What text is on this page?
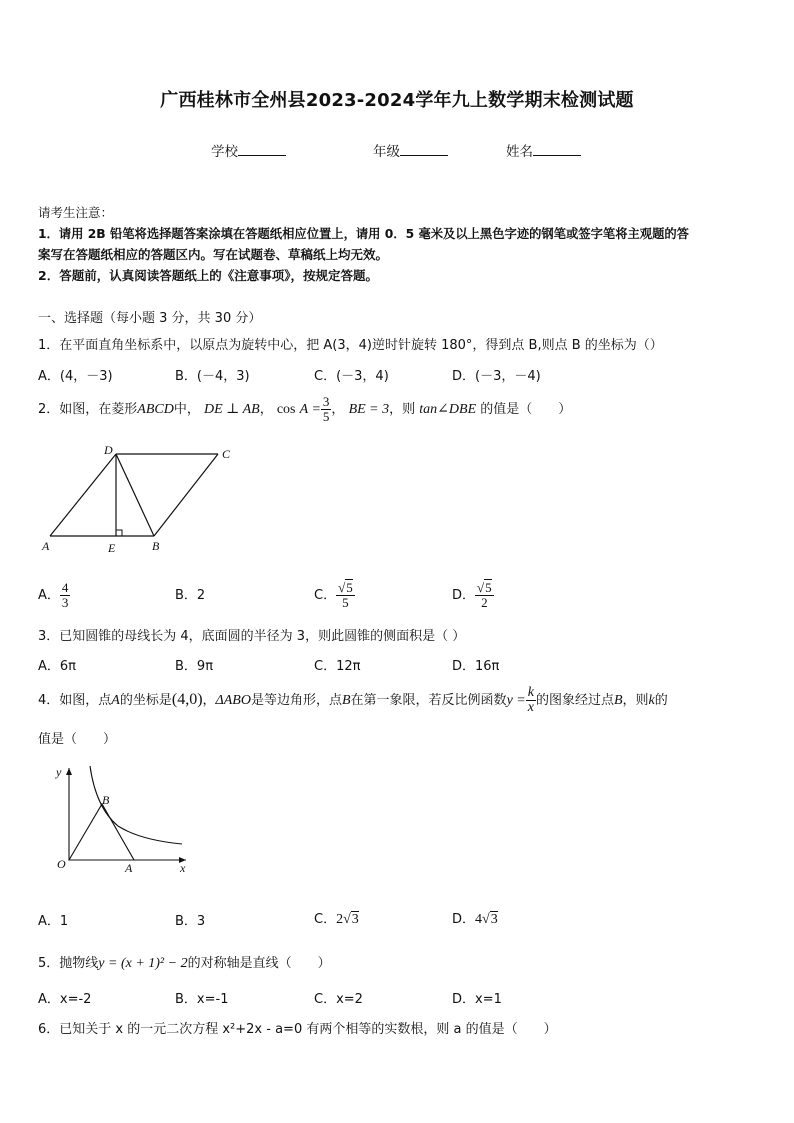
广西桂林市全州县2023-2024学年九上数学期末检测试题
学校	年级	姓名
请考生注意：
1．请用 2B 铅笔将选择题答案涂填在答题纸相应位置上，请用 0．5 毫米及以上黑色字迹的钢笔或签字笔将主观题的答
案写在答题纸相应的答题区内。写在试题卷、草稿纸上均无效。
2．答题前，认真阅读答题纸上的《注意事项》，按规定答题。
一、选择题（每小题 3 分，共 30 分）
1．在平面直角坐标系中，以原点为旋转中心，把 A(3，4)逆时针旋转 180°，得到点 B,则点 B 的坐标为（）
A．(4，－3)	B．(－4，3)	C．(－3，4)	D．(－3，－4)
2．如图，在菱形ABCD中， DE ⊥ AB， $\cos A = \frac{3}{5}$ ， BE = 3，则 tan∠DBE 的值是（　　）
D	C
A	E	B
A． $\frac{4}{3}$	B．2	C． $\frac{√5}{5}$	D． $\frac{√5}{2}$
3．已知圆锥的母线长为 4，底面圆的半径为 3，则此圆锥的侧面积是（ ）
A．6π	B．9π	C．12π	D．16π
4．如图，点A的坐标是(4,0)，ΔABO是等边角形，点B在第一象限，若反比例函数$y = \frac{k}{x}$ 的图象经过点B，则k的
值是（　　）
y
x
O	A
B
A．1	B．3	C．2√3	D．4√3
5．抛物线y = (x + 1)² − 2的对称轴是直线（　　）
A．x=-2	B．x=-1	C．x=2	D．x=1
6．已知关于 x 的一元二次方程 x²+2x - a=0 有两个相等的实数根，则 a 的值是（　　）
